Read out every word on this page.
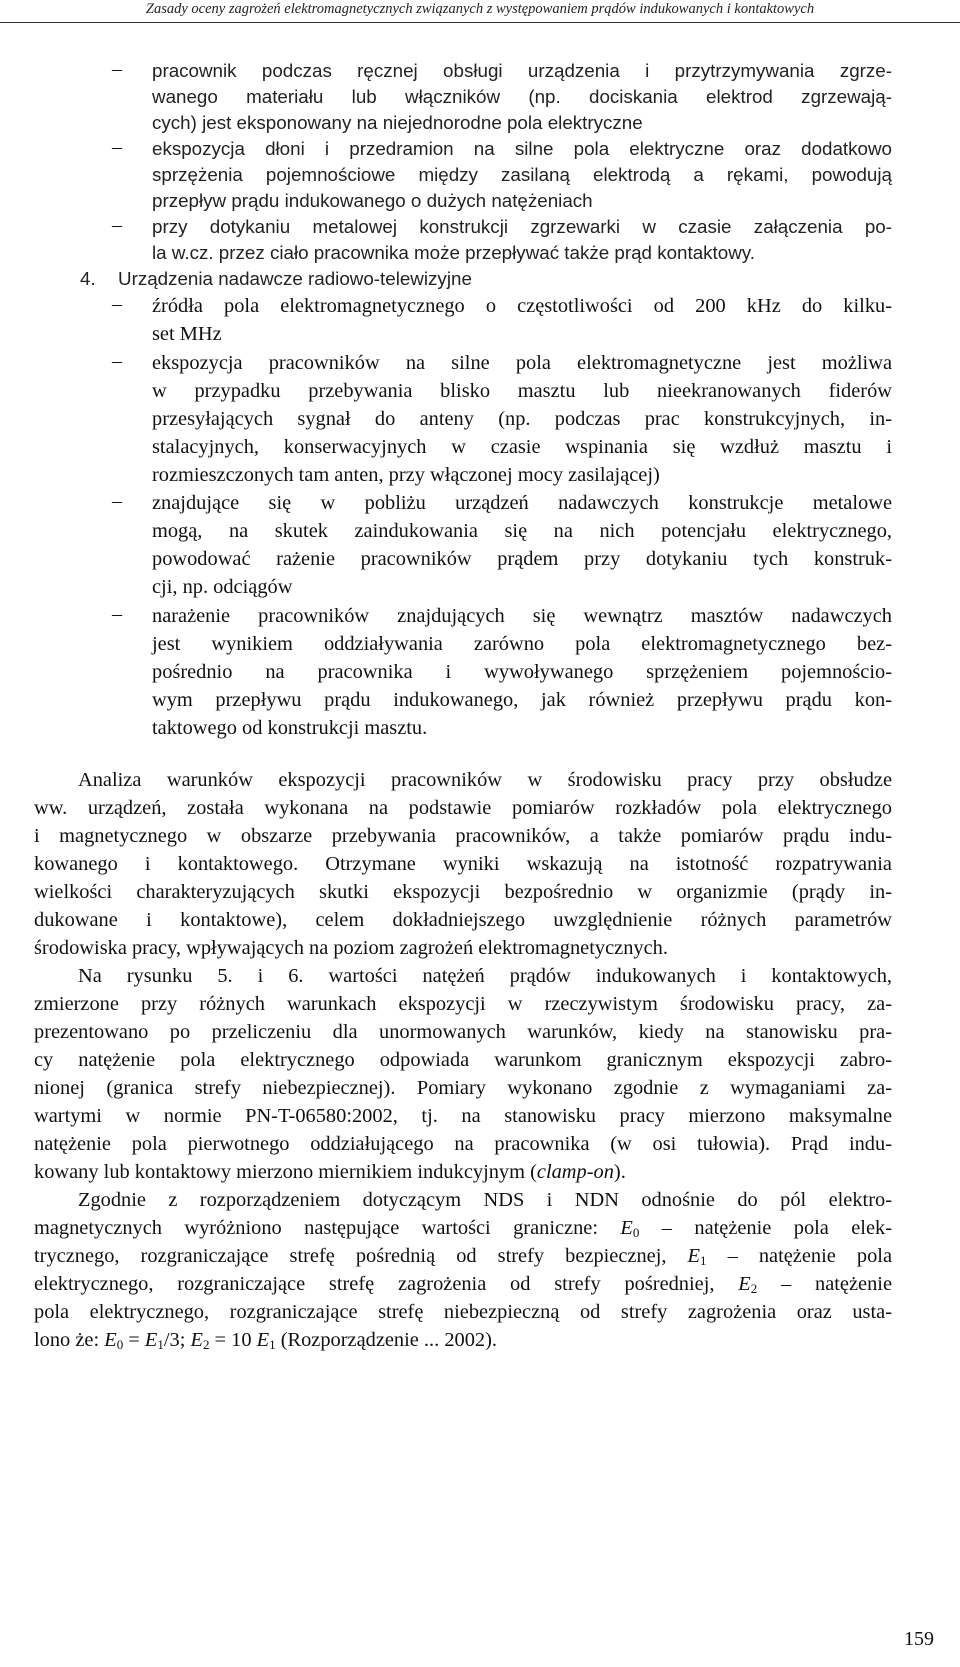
Zasady oceny zagrożeń elektromagnetycznych związanych z występowaniem prądów indukowanych i kontaktowych
– pracownik podczas ręcznej obsługi urządzenia i przytrzymywania zgrze-
wanego materiału lub włączników (np. dociskania elektrod zgrzewają-
cych) jest eksponowany na niejednorodne pola elektryczne
– ekspozycja dłoni i przedramion na silne pola elektryczne oraz dodatkowo
sprzężenia pojemnościowe między zasilaną elektrodą a rękami, powodują
przepływ prądu indukowanego o dużych natężeniach
– przy dotykaniu metalowej konstrukcji zgrzewarki w czasie załączenia po-
la w.cz. przez ciało pracownika może przepływać także prąd kontaktowy.
4. Urządzenia nadawcze radiowo-telewizyjne
– źródła pola elektromagnetycznego o częstotliwości od 200 kHz do kilku-
set MHz
– ekspozycja pracowników na silne pola elektromagnetyczne jest możliwa
w przypadku przebywania blisko masztu lub nieekranowanych fiderów
przesyłających sygnał do anteny (np. podczas prac konstrukcyjnych, in-
stalacyjnych, konserwacyjnych w czasie wspinania się wzdłuż masztu i
rozmieszczonych tam anten, przy włączonej mocy zasilającej)
– znajdujące się w pobliżu urządzeń nadawczych konstrukcje metalowe
mogą, na skutek zaindukowania się na nich potencjału elektrycznego,
powodować rażenie pracowników prądem przy dotykaniu tych konstruk-
cji, np. odciągów
– narażenie pracowników znajdujących się wewnątrz masztów nadawczych
jest wynikiem oddziaływania zarówno pola elektromagnetycznego bez-
pośrednio na pracownika i wywoływanego sprzężeniem pojemnościo-
wym przepływu prądu indukowanego, jak również przepływu prądu kon-
taktowego od konstrukcji masztu.
Analiza warunków ekspozycji pracowników w środowisku pracy przy obsłudze
ww. urządzeń, została wykonana na podstawie pomiarów rozkładów pola elektrycznego
i magnetycznego w obszarze przebywania pracowników, a także pomiarów prądu indu-
kowanego i kontaktowego. Otrzymane wyniki wskazują na istotność rozpatrywania
wielkości charakteryzujących skutki ekspozycji bezpośrednio w organizmie (prądy in-
dukowane i kontaktowe), celem dokładniejszego uwzględnienie różnych parametrów
środowiska pracy, wpływających na poziom zagrożeń elektromagnetycznych.
Na rysunku 5. i 6. wartości natężeń prądów indukowanych i kontaktowych,
zmierzone przy różnych warunkach ekspozycji w rzeczywistym środowisku pracy, za-
prezentowano po przeliczeniu dla unormowanych warunków, kiedy na stanowisku pra-
cy natężenie pola elektrycznego odpowiada warunkom granicznym ekspozycji zabro-
nionej (granica strefy niebezpiecznej). Pomiary wykonano zgodnie z wymaganiami za-
wartymi w normie PN-T-06580:2002, tj. na stanowisku pracy mierzono maksymalne
natężenie pola pierwotnego oddziałującego na pracownika (w osi tułowia). Prąd indu-
kowany lub kontaktowy mierzono miernikiem indukcyjnym (clamp-on).
Zgodnie z rozporządzeniem dotyczącym NDS i NDN odnośnie do pól elektro-
magnetycznych wyróżniono następujące wartości graniczne: $E_0$ – natężenie pola elek-
trycznego, rozgraniczające strefę pośrednią od strefy bezpiecznej, $E_1$ – natężenie pola
elektrycznego, rozgraniczające strefę zagrożenia od strefy pośredniej, $E_2$ – natężenie
pola elektrycznego, rozgraniczające strefę niebezpieczną od strefy zagrożenia oraz usta-
lono że: $E_0 = E_1/3$; $E_2 = 10$ $E_1$ (Rozporządzenie ... 2002).
159
